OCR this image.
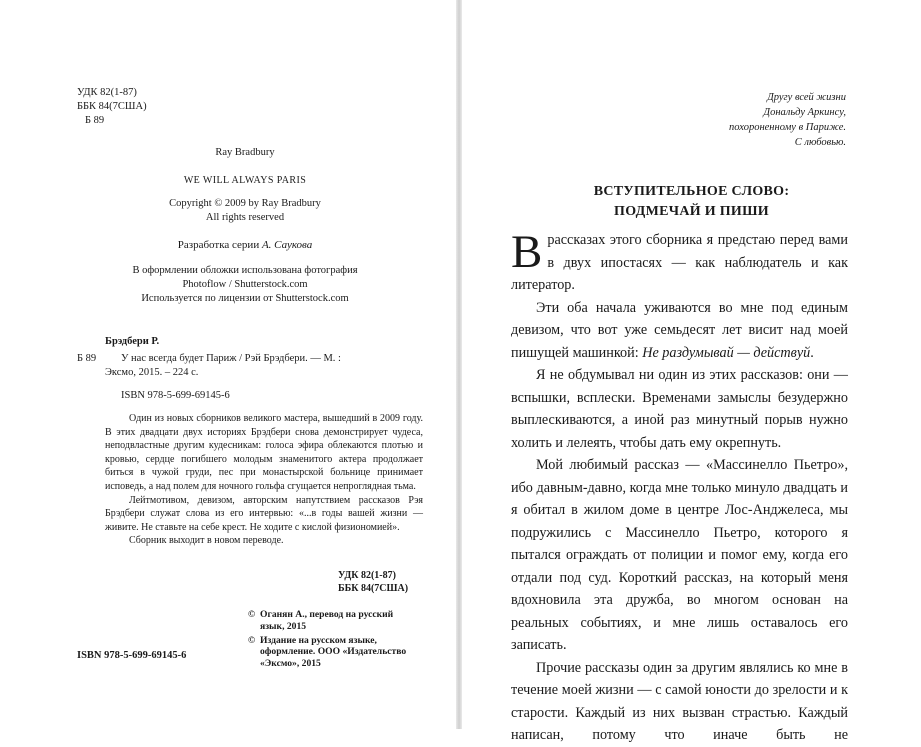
УДК 82(1-87)
ББК 84(7США)
Б 89
Ray Bradbury
WE WILL ALWAYS PARIS
Copyright © 2009 by Ray Bradbury
All rights reserved
Разработка серии А. Саукова
В оформлении обложки использована фотография
Photoflow / Shutterstock.com
Используется по лицензии от Shutterstock.com
Брэдбери Р.
Б 89 У нас всегда будет Париж / Рэй Брэдбери. — М. :
Эксмо, 2015. – 224 с.
ISBN 978-5-699-69145-6

Один из новых сборников великого мастера, вышедший в 2009 году. В этих двадцати двух историях Брэдбери снова демонстрирует чудеса, неподвластные другим кудесникам: голоса эфира облекаются плотью и кровью, сердце погибшего молодым знаменитого актера продолжает биться в чужой груди, пес при монастырской больнице принимает исповедь, а над полем для ночного гольфа сгущается непроглядная тьма.

Лейтмотивом, девизом, авторским напутствием рассказов Рэя Брэдбери служат слова из его интервью: «...в годы вашей жизни — живите. Не ставьте на себе крест. Не ходите с кислой физиономией».

Сборник выходит в новом переводе.

УДК 82(1-87)
ББК 84(7США)
© Оганян А., перевод на русский
язык, 2015
© Издание на русском языке,
оформление. ООО «Издательство
«Эксмо», 2015
ISBN 978-5-699-69145-6
Другу всей жизни
Дональду Аркинсу,
похороненному в Париже.
С любовью.
ВСТУПИТЕЛЬНОЕ СЛОВО:
ПОДМЕЧАЙ И ПИШИ

В рассказах этого сборника я предстаю перед вами в двух ипостасях — как наблюдатель и как литератор.

Эти оба начала уживаются во мне под единым девизом, что вот уже семьдесят лет висит над моей пишущей машинкой: Не раздумывай — действуй.

Я не обдумывал ни один из этих рассказов: они — вспышки, всплески. Временами замыслы безудержно выплескиваются, а иной раз минутный порыв нужно холить и лелеять, чтобы дать ему окрепнуть.

Мой любимый рассказ — «Массинелло Пьетро», ибо давным-давно, когда мне только минуло двадцать и я обитал в жилом доме в центре Лос-Анджелеса, мы подружились с Массинелло Пьетро, которого я пытался ограждать от полиции и помог ему, когда его отдали под суд. Короткий рассказ, на который меня вдохновила эта дружба, во многом основан на реальных событиях, и мне лишь оставалось его записать.

Прочие рассказы один за другим являлись ко мне в течение моей жизни — с самой юности до зрелости и к старости. Каждый из них вызван страстью. Каждый написан, потому что иначе быть не
